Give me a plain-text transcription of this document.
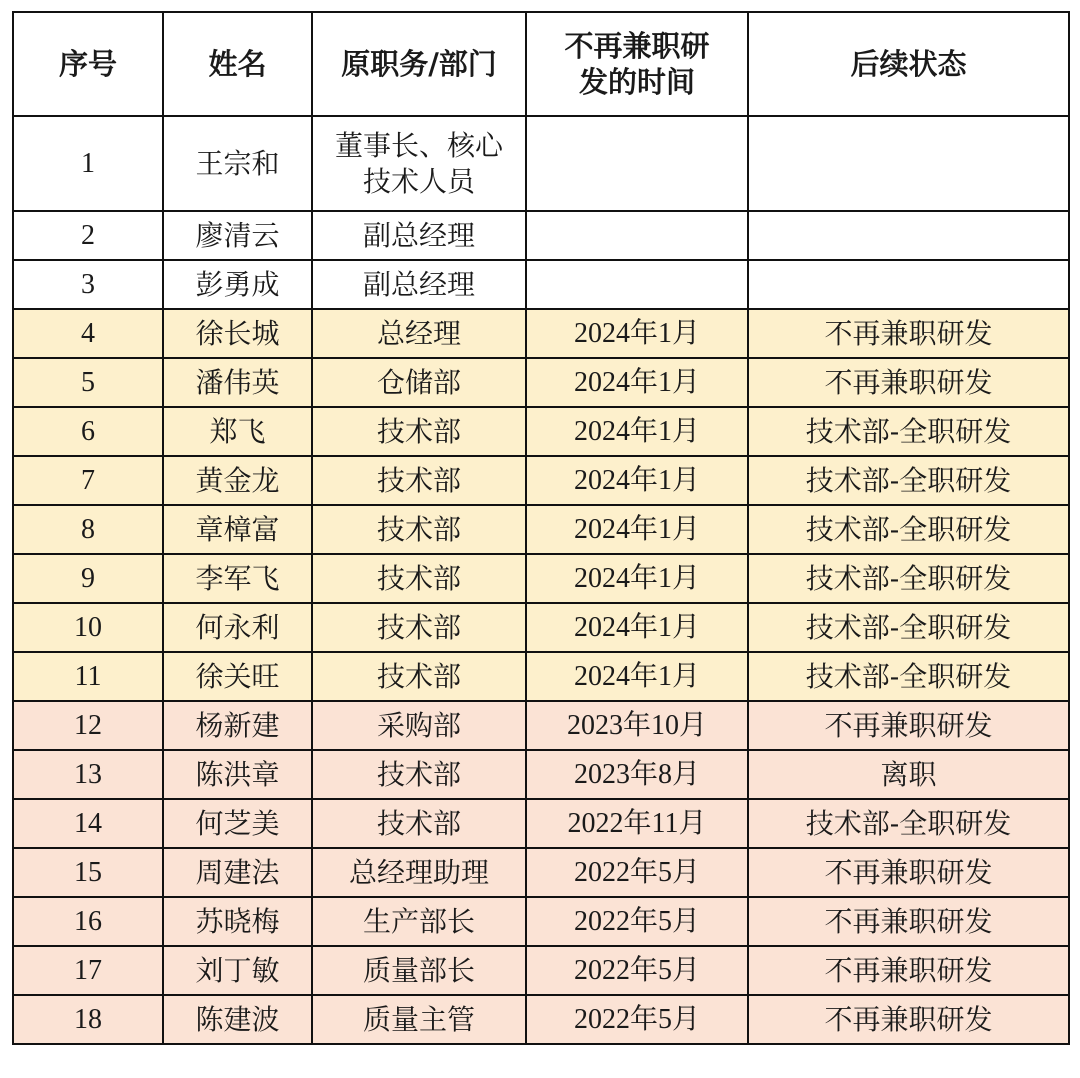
序号	姓名	原职务/部门	不再兼职研发的时间	后续状态
1	王宗和	董事长、核心技术人员		
2	廖清云	副总经理		
3	彭勇成	副总经理		
4	徐长城	总经理	2024年1月	不再兼职研发
5	潘伟英	仓储部	2024年1月	不再兼职研发
6	郑飞	技术部	2024年1月	技术部-全职研发
7	黄金龙	技术部	2024年1月	技术部-全职研发
8	章樟富	技术部	2024年1月	技术部-全职研发
9	李军飞	技术部	2024年1月	技术部-全职研发
10	何永利	技术部	2024年1月	技术部-全职研发
11	徐关旺	技术部	2024年1月	技术部-全职研发
12	杨新建	采购部	2023年10月	不再兼职研发
13	陈洪章	技术部	2023年8月	离职
14	何芝美	技术部	2022年11月	技术部-全职研发
15	周建法	总经理助理	2022年5月	不再兼职研发
16	苏晓梅	生产部长	2022年5月	不再兼职研发
17	刘丁敏	质量部长	2022年5月	不再兼职研发
18	陈建波	质量主管	2022年5月	不再兼职研发
